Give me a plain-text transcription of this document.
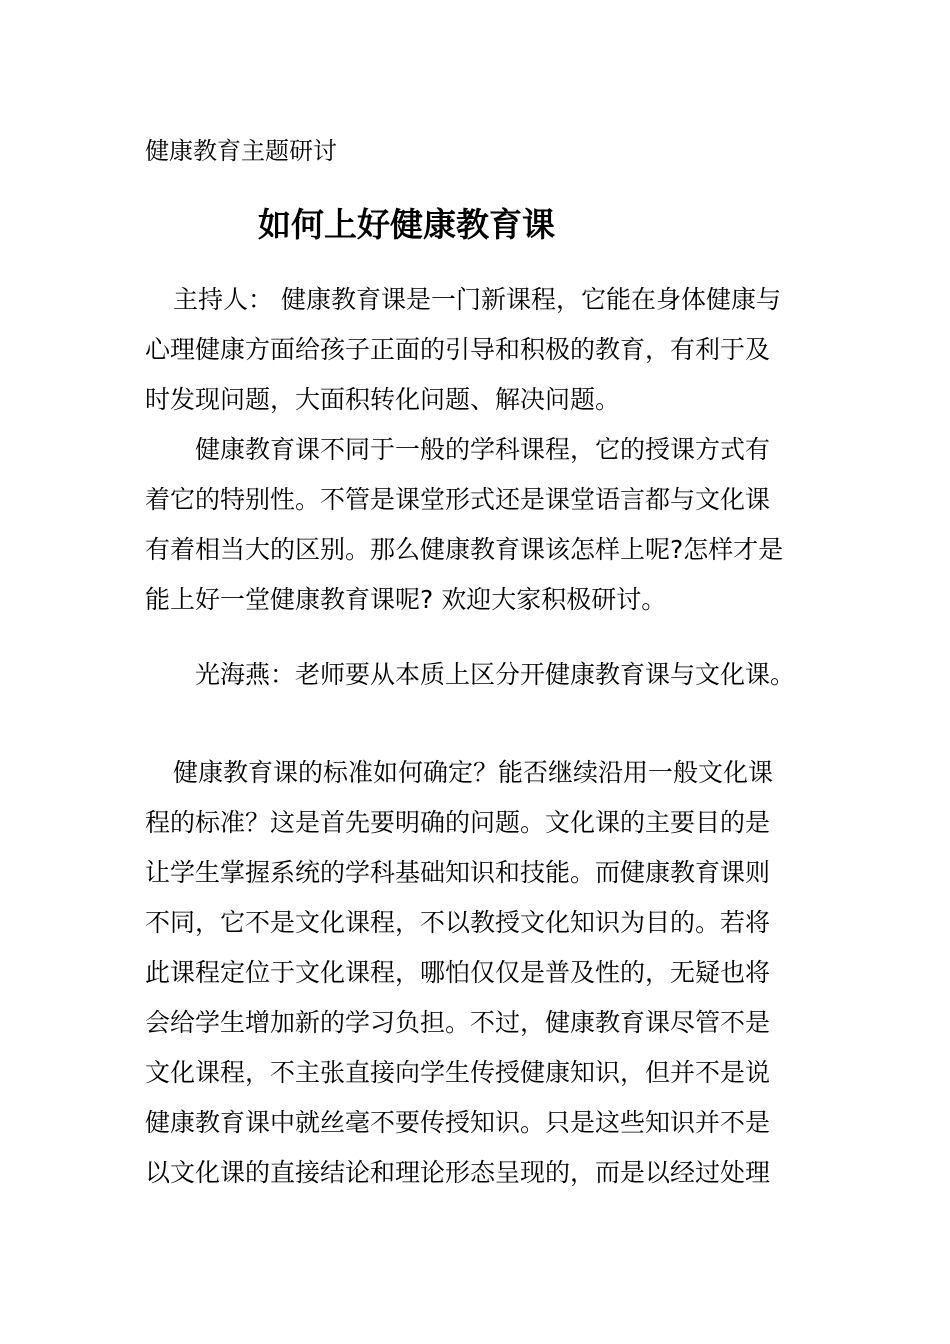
健康教育主题研讨
如何上好健康教育课
主持人： 健康教育课是一门新课程，它能在身体健康与
心理健康方面给孩子正面的引导和积极的教育，有利于及
时发现问题，大面积转化问题、解决问题。
健康教育课不同于一般的学科课程，它的授课方式有
着它的特别性。不管是课堂形式还是课堂语言都与文化课
有着相当大的区别。那么健康教育课该怎样上呢?怎样才是
能上好一堂健康教育课呢? 欢迎大家积极研讨。
光海燕：老师要从本质上区分开健康教育课与文化课。
健康教育课的标准如何确定？能否继续沿用一般文化课
程的标准？这是首先要明确的问题。文化课的主要目的是
让学生掌握系统的学科基础知识和技能。而健康教育课则
不同，它不是文化课程，不以教授文化知识为目的。若将
此课程定位于文化课程，哪怕仅仅是普及性的，无疑也将
会给学生增加新的学习负担。不过，健康教育课尽管不是
文化课程，不主张直接向学生传授健康知识，但并不是说
健康教育课中就丝毫不要传授知识。只是这些知识并不是
以文化课的直接结论和理论形态呈现的，而是以经过处理
